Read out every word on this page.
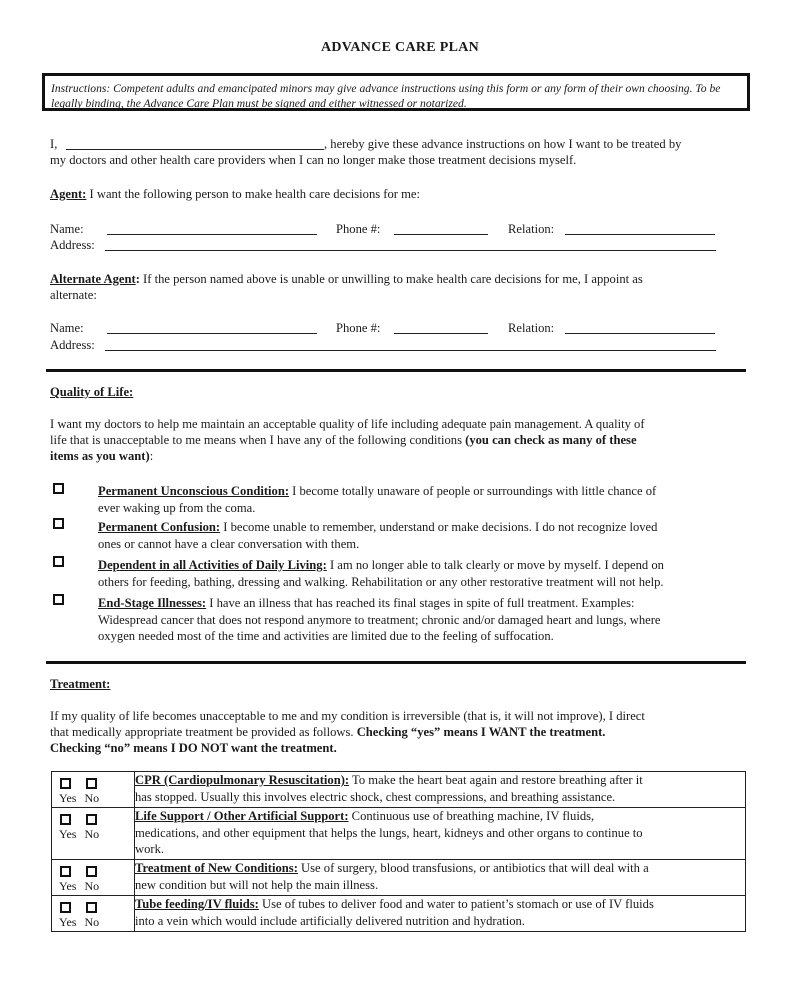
ADVANCE CARE PLAN
Instructions: Competent adults and emancipated minors may give advance instructions using this form or any form of their own choosing. To be legally binding, the Advance Care Plan must be signed and either witnessed or notarized.
I,	, hereby give these advance instructions on how I want to be treated by
my doctors and other health care providers when I can no longer make those treatment decisions myself.
Agent: I want the following person to make health care decisions for me:
Name:	Phone #:	Relation:
Address:
Alternate Agent: If the person named above is unable or unwilling to make health care decisions for me, I appoint as
alternate:
Name:	Phone #:	Relation:
Address:
Quality of Life:
I want my doctors to help me maintain an acceptable quality of life including adequate pain management. A quality of
life that is unacceptable to me means when I have any of the following conditions (you can check as many of these
items as you want):
Permanent Unconscious Condition: I become totally unaware of people or surroundings with little chance of
ever waking up from the coma.
Permanent Confusion: I become unable to remember, understand or make decisions. I do not recognize loved
ones or cannot have a clear conversation with them.
Dependent in all Activities of Daily Living: I am no longer able to talk clearly or move by myself. I depend on
others for feeding, bathing, dressing and walking. Rehabilitation or any other restorative treatment will not help.
End-Stage Illnesses: I have an illness that has reached its final stages in spite of full treatment. Examples:
Widespread cancer that does not respond anymore to treatment; chronic and/or damaged heart and lungs, where
oxygen needed most of the time and activities are limited due to the feeling of suffocation.
Treatment:
If my quality of life becomes unacceptable to me and my condition is irreversible (that is, it will not improve), I direct
that medically appropriate treatment be provided as follows. Checking “yes” means I WANT the treatment.
Checking “no” means I DO NOT want the treatment.
Yes No	CPR (Cardiopulmonary Resuscitation): To make the heart beat again and restore breathing after it
has stopped. Usually this involves electric shock, chest compressions, and breathing assistance.

Yes No	Life Support / Other Artificial Support: Continuous use of breathing machine, IV fluids,
medications, and other equipment that helps the lungs, heart, kidneys and other organs to continue to
work.

Yes No	Treatment of New Conditions: Use of surgery, blood transfusions, or antibiotics that will deal with a
new condition but will not help the main illness.

Yes No	Tube feeding/IV fluids: Use of tubes to deliver food and water to patient’s stomach or use of IV fluids
into a vein which would include artificially delivered nutrition and hydration.
